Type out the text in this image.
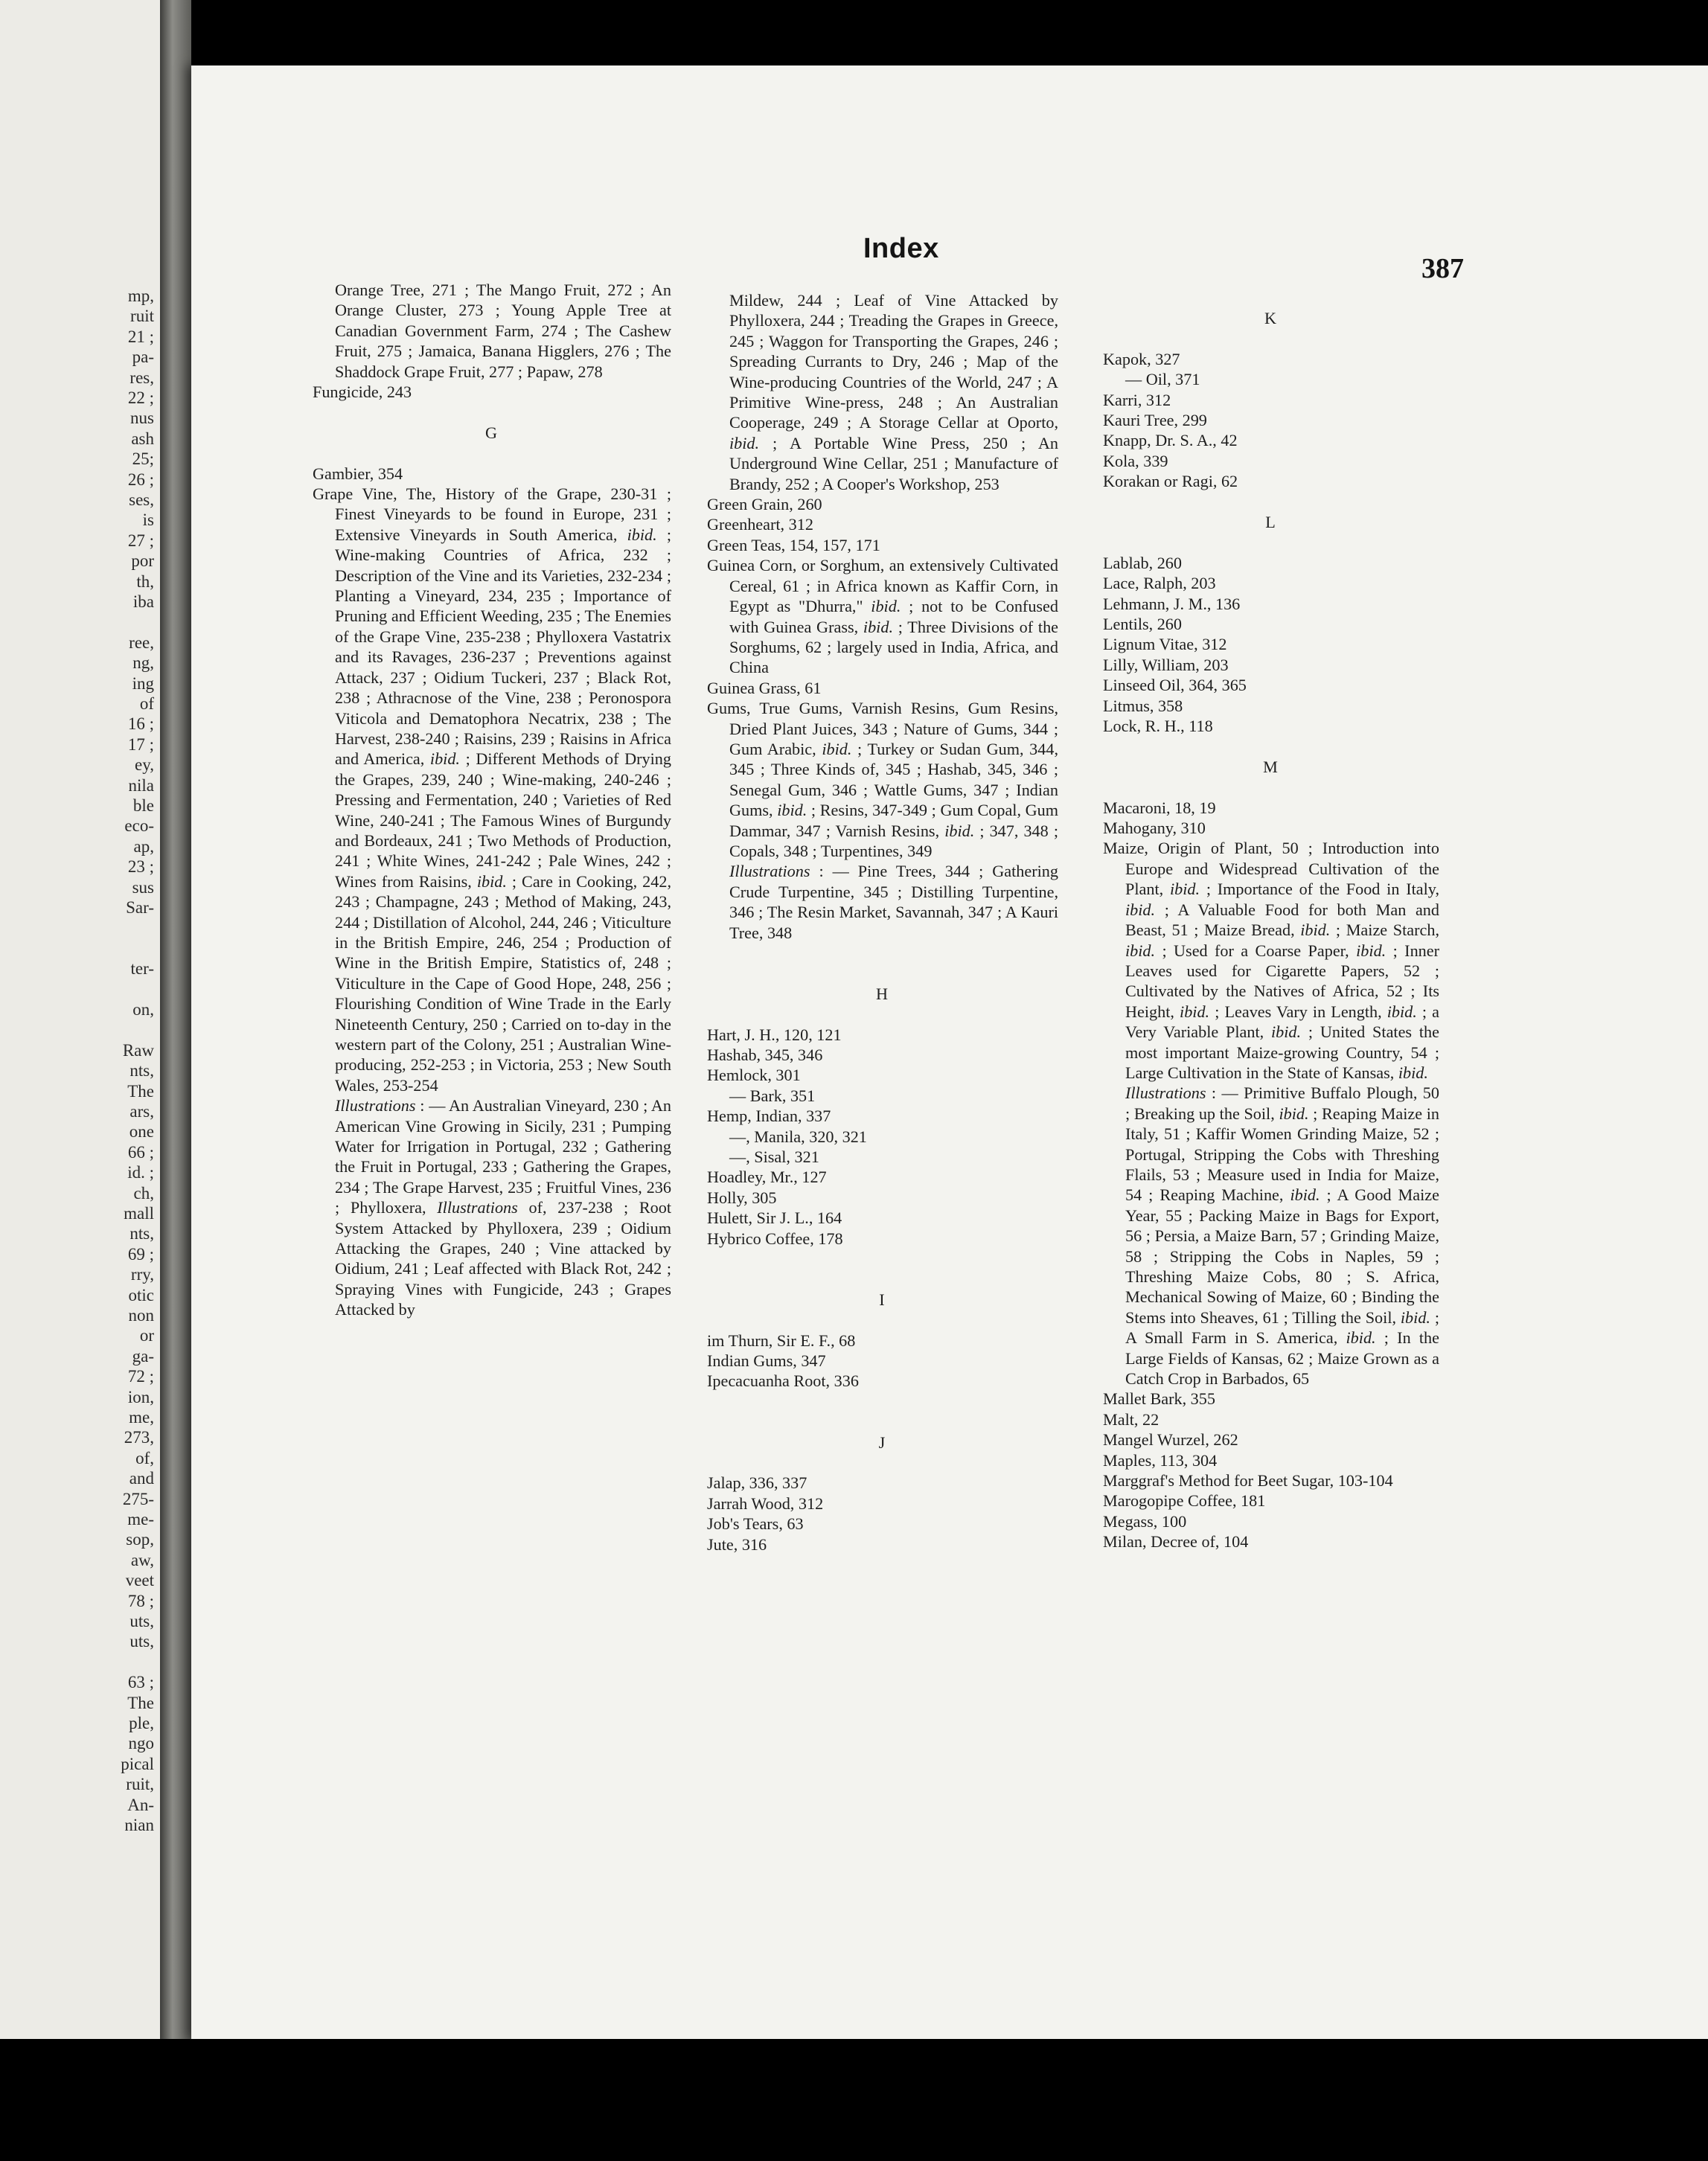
mp,
ruit
21 ;
pa-
res,
22 ;
nus
ash
25;
26 ;
ses,
is
27 ;
por
th,
iba
ree,
ng,
ing
of
16 ;
17 ;
ey,
nila
ble
eco-
ap,
23 ;
sus
Sar-
ter-
on,
Raw
nts,
The
ars,
one
66 ;
id. ;
ch,
mall
nts,
69 ;
rry,
otic
non
or
ga-
72 ;
ion,
me,
273,
of,
and
275-
me-
sop,
aw,
veet
78 ;
uts,
uts,
63 ;
The
ple,
ngo
pical
ruit,
An-
nian
Index
387

Orange Tree, 271 ; The Mango Fruit, 272 ; An Orange Cluster, 273 ; Young Apple Tree at Canadian Government Farm, 274 ; The Cashew Fruit, 275 ; Jamaica, Banana Higglers, 276 ; The Shaddock Grape Fruit, 277 ; Papaw, 278

Fungicide, 243

G

Gambier, 354

Grape Vine, The, History of the Grape, 230-31 ; Finest Vineyards to be found in Europe, 231 ; Extensive Vineyards in South America, ibid. ; Wine-making Countries of Africa, 232 ; Description of the Vine and its Varieties, 232-234 ; Planting a Vineyard, 234, 235 ; Importance of Pruning and Efficient Weeding, 235 ; The Enemies of the Grape Vine, 235-238 ; Phylloxera Vastatrix and its Ravages, 236-237 ; Preventions against Attack, 237 ; Oidium Tuckeri, 237 ; Black Rot, 238 ; Athracnose of the Vine, 238 ; Peronospora Viticola and Dematophora Necatrix, 238 ; The Harvest, 238-240 ; Raisins, 239 ; Raisins in Africa and America, ibid. ; Different Methods of Drying the Grapes, 239, 240 ; Wine-making, 240-246 ; Pressing and Fermentation, 240 ; Varieties of Red Wine, 240-241 ; The Famous Wines of Burgundy and Bordeaux, 241 ; Two Methods of Production, 241 ; White Wines, 241-242 ; Pale Wines, 242 ; Wines from Raisins, ibid. ; Care in Cooking, 242, 243 ; Champagne, 243 ; Method of Making, 243, 244 ; Distillation of Alcohol, 244, 246 ; Viticulture in the British Empire, 246, 254 ; Production of Wine in the British Empire, Statistics of, 248 ; Viticulture in the Cape of Good Hope, 248, 256 ; Flourishing Condition of Wine Trade in the Early Nineteenth Century, 250 ; Carried on to-day in the western part of the Colony, 251 ; Australian Wine-producing, 252-253 ; in Victoria, 253 ; New South Wales, 253-254

Illustrations : — An Australian Vineyard, 230 ; An American Vine Growing in Sicily, 231 ; Pumping Water for Irrigation in Portugal, 232 ; Gathering the Fruit in Portugal, 233 ; Gathering the Grapes, 234 ; The Grape Harvest, 235 ; Fruitful Vines, 236 ; Phylloxera, Illustrations of, 237-238 ; Root System Attacked by Phylloxera, 239 ; Oidium Attacking the Grapes, 240 ; Vine attacked by Oidium, 241 ; Leaf affected with Black Rot, 242 ; Spraying Vines with Fungicide, 243 ; Grapes Attacked by

Mildew, 244 ; Leaf of Vine Attacked by Phylloxera, 244 ; Treading the Grapes in Greece, 245 ; Waggon for Transporting the Grapes, 246 ; Spreading Currants to Dry, 246 ; Map of the Wine-producing Countries of the World, 247 ; A Primitive Wine-press, 248 ; An Australian Cooperage, 249 ; A Storage Cellar at Oporto, ibid. ; A Portable Wine Press, 250 ; An Underground Wine Cellar, 251 ; Manufacture of Brandy, 252 ; A Cooper's Workshop, 253

Green Grain, 260

Greenheart, 312

Green Teas, 154, 157, 171

Guinea Corn, or Sorghum, an extensively Cultivated Cereal, 61 ; in Africa known as Kaffir Corn, in Egypt as "Dhurra," ibid. ; not to be Confused with Guinea Grass, ibid. ; Three Divisions of the Sorghums, 62 ; largely used in India, Africa, and China

Guinea Grass, 61

Gums, True Gums, Varnish Resins, Gum Resins, Dried Plant Juices, 343 ; Nature of Gums, 344 ; Gum Arabic, ibid. ; Turkey or Sudan Gum, 344, 345 ; Three Kinds of, 345 ; Hashab, 345, 346 ; Senegal Gum, 346 ; Wattle Gums, 347 ; Indian Gums, ibid. ; Resins, 347-349 ; Gum Copal, Gum Dammar, 347 ; Varnish Resins, ibid. ; 347, 348 ; Copals, 348 ; Turpentines, 349

Illustrations : — Pine Trees, 344 ; Gathering Crude Turpentine, 345 ; Distilling Turpentine, 346 ; The Resin Market, Savannah, 347 ; A Kauri Tree, 348

H

Hart, J. H., 120, 121

Hashab, 345, 346

Hemlock, 301

— Bark, 351

Hemp, Indian, 337

—, Manila, 320, 321

—, Sisal, 321

Hoadley, Mr., 127

Holly, 305

Hulett, Sir J. L., 164

Hybrico Coffee, 178

I

im Thurn, Sir E. F., 68

Indian Gums, 347

Ipecacuanha Root, 336

J

Jalap, 336, 337

Jarrah Wood, 312

Job's Tears, 63

Jute, 316

K

Kapok, 327

— Oil, 371

Karri, 312

Kauri Tree, 299

Knapp, Dr. S. A., 42

Kola, 339

Korakan or Ragi, 62

L

Lablab, 260

Lace, Ralph, 203

Lehmann, J. M., 136

Lentils, 260

Lignum Vitae, 312

Lilly, William, 203

Linseed Oil, 364, 365

Litmus, 358

Lock, R. H., 118

M

Macaroni, 18, 19

Mahogany, 310

Maize, Origin of Plant, 50 ; Introduction into Europe and Widespread Cultivation of the Plant, ibid. ; Importance of the Food in Italy, ibid. ; A Valuable Food for both Man and Beast, 51 ; Maize Bread, ibid. ; Maize Starch, ibid. ; Used for a Coarse Paper, ibid. ; Inner Leaves used for Cigarette Papers, 52 ; Cultivated by the Natives of Africa, 52 ; Its Height, ibid. ; Leaves Vary in Length, ibid. ; a Very Variable Plant, ibid. ; United States the most important Maize-growing Country, 54 ; Large Cultivation in the State of Kansas, ibid.

Illustrations : — Primitive Buffalo Plough, 50 ; Breaking up the Soil, ibid. ; Reaping Maize in Italy, 51 ; Kaffir Women Grinding Maize, 52 ; Portugal, Stripping the Cobs with Threshing Flails, 53 ; Measure used in India for Maize, 54 ; Reaping Machine, ibid. ; A Good Maize Year, 55 ; Packing Maize in Bags for Export, 56 ; Persia, a Maize Barn, 57 ; Grinding Maize, 58 ; Stripping the Cobs in Naples, 59 ; Threshing Maize Cobs, 80 ; S. Africa, Mechanical Sowing of Maize, 60 ; Binding the Stems into Sheaves, 61 ; Tilling the Soil, ibid. ; A Small Farm in S. America, ibid. ; In the Large Fields of Kansas, 62 ; Maize Grown as a Catch Crop in Barbados, 65

Mallet Bark, 355

Malt, 22

Mangel Wurzel, 262

Maples, 113, 304

Marggraf's Method for Beet Sugar, 103-104

Marogopipe Coffee, 181

Megass, 100

Milan, Decree of, 104
